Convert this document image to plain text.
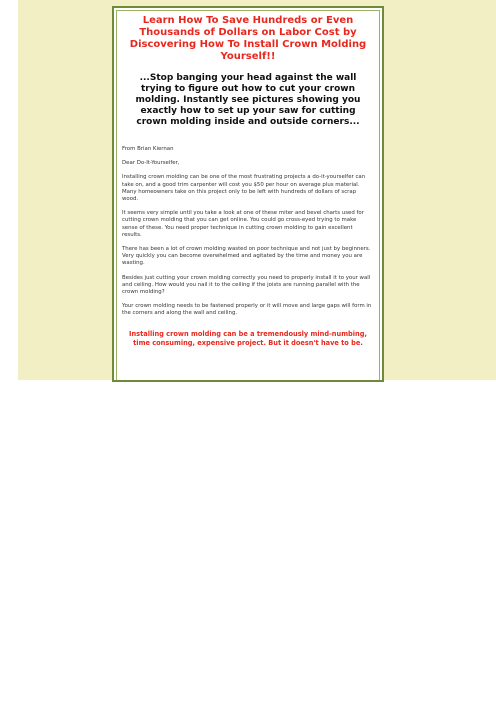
Learn How To Save Hundreds or Even Thousands of Dollars on Labor Cost by Discovering How To Install Crown Molding Yourself!!
...Stop banging your head against the wall trying to figure out how to cut your crown molding. Instantly see pictures showing you exactly how to set up your saw for cutting crown molding inside and outside corners...

From Brian Kiernan

Dear Do-It-Yourselfer,

Installing crown molding can be one of the most frustrating projects a do-it-yourselfer can take on, and a good trim carpenter will cost you $50 per hour on average plus material. Many homeowners take on this project only to be left with hundreds of dollars of scrap wood.

It seems very simple until you take a look at one of these miter and bevel charts used for cutting crown molding that you can get online. You could go cross-eyed trying to make sense of these. You need proper technique in cutting crown molding to gain excellent results.

There has been a lot of crown molding wasted on poor technique and not just by beginners. Very quickly you can become overwhelmed and agitated by the time and money you are wasting.

Besides just cutting your crown molding correctly you need to properly install it to your wall and ceiling. How would you nail it to the ceiling if the joists are running parallel with the crown molding?

Your crown molding needs to be fastened properly or it will move and large gaps will form in the corners and along the wall and ceiling.

Installing crown molding can be a tremendously mind-numbing, time consuming, expensive project. But it doesn't have to be.
